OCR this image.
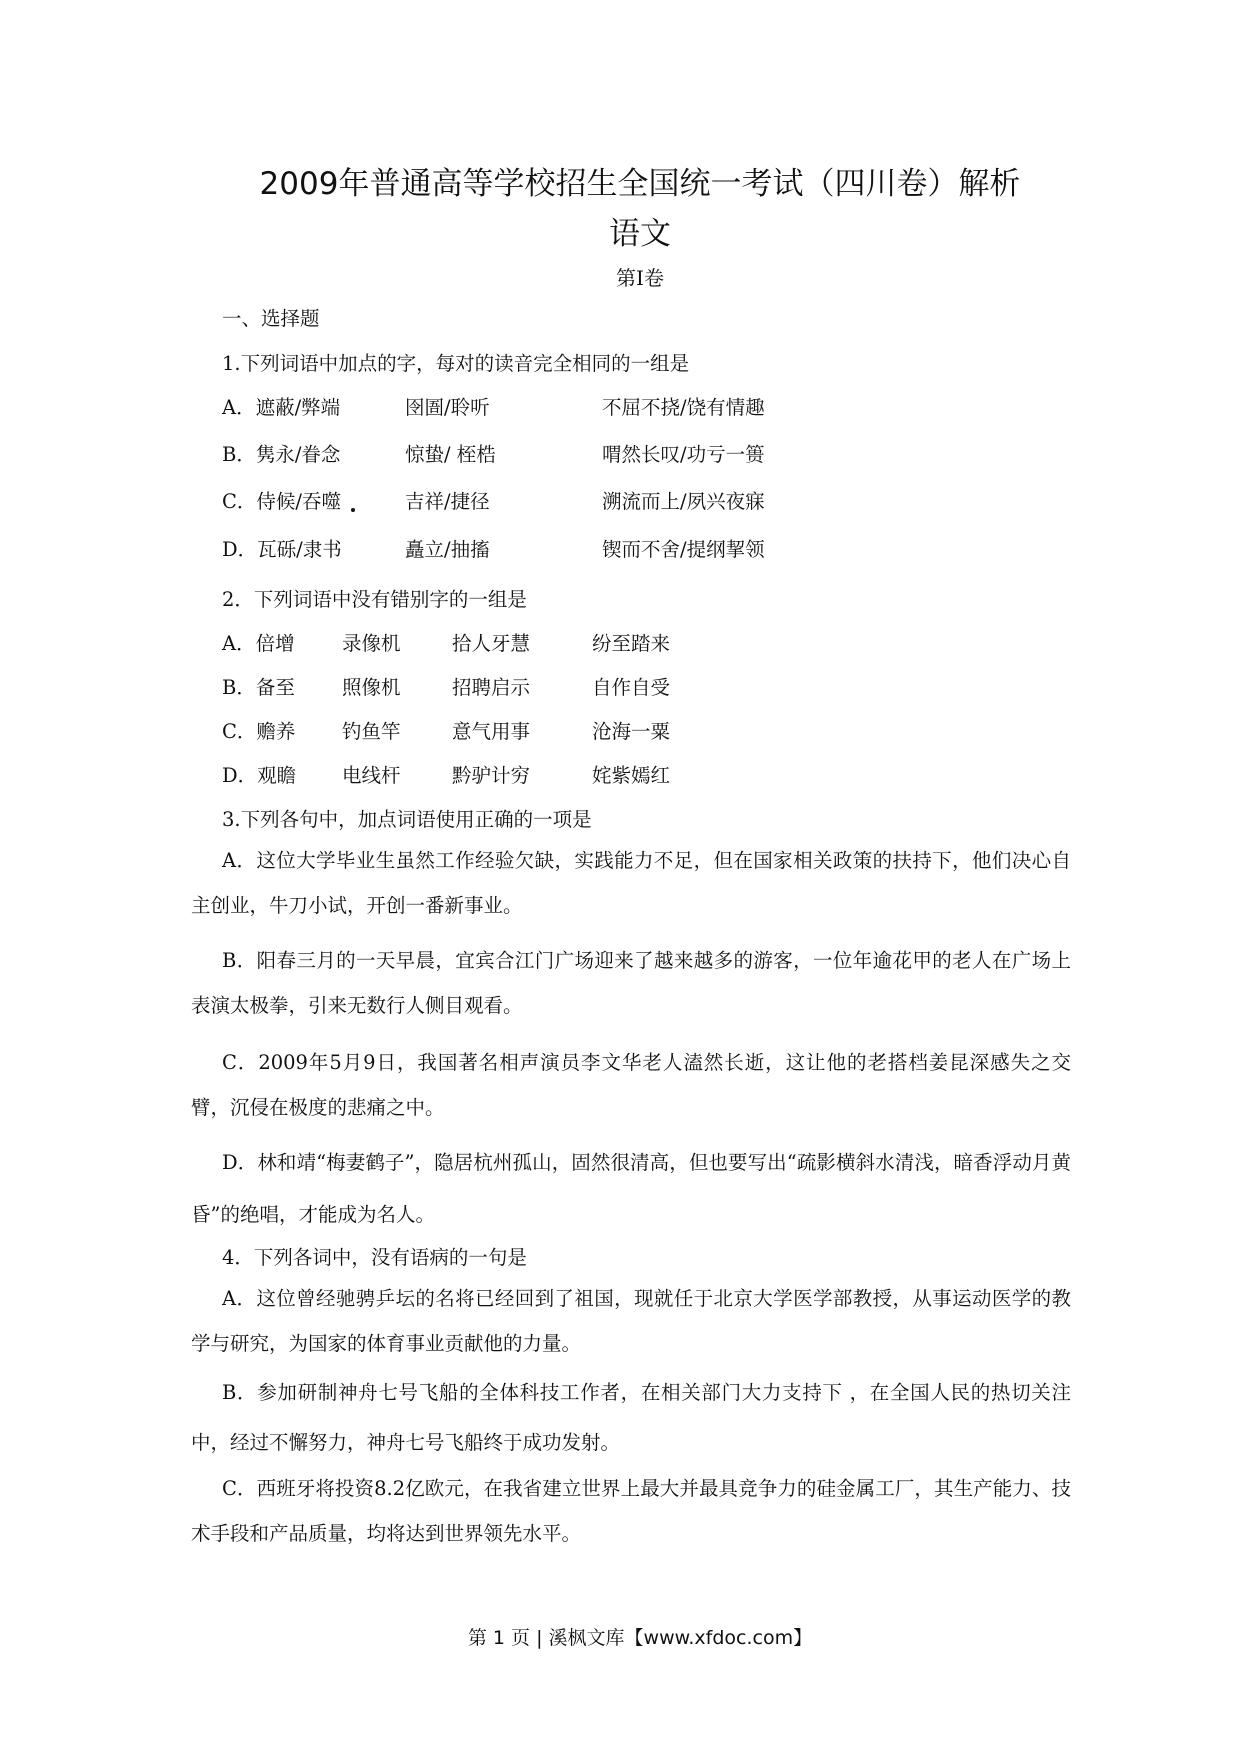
2009年普通高等学校招生全国统一考试（四川卷）解析
语文
第Ⅰ卷
一、选择题
1.下列词语中加点的字，每对的读音完全相同的一组是
A．遮蔽/弊端	囹圄/聆听	不屈不挠/饶有情趣
B．隽永/眷念	惊蛰/ 桎梏	喟然长叹/功亏一篑
C．侍候/吞噬	吉祥/捷径	溯流而上/夙兴夜寐
D．瓦砾/隶书	矗立/抽搐	锲而不舍/提纲挈领
2．下列词语中没有错别字的一组是
A．倍增 录像机	拾人牙慧	纷至踏来
B．备至 照像机	招聘启示	自作自受
C．赡养 钓鱼竿	意气用事	沧海一粟
D．观瞻 电线杆	黔驴计穷	姹紫嫣红
3.下列各句中，加点词语使用正确的一项是
A．这位大学毕业生虽然工作经验欠缺，实践能力不足，但在国家相关政策的扶持下，他们决心自主创业，牛刀小试，开创一番新事业。
B．阳春三月的一天早晨，宜宾合江门广场迎来了越来越多的游客，一位年逾花甲的老人在广场上表演太极拳，引来无数行人侧目观看。
C．2009年5月9日，我国著名相声演员李文华老人溘然长逝，这让他的老搭档姜昆深感失之交臂，沉侵在极度的悲痛之中。
D．林和靖“梅妻鹤子”，隐居杭州孤山，固然很清高，但也要写出“疏影横斜水清浅，暗香浮动月黄昏”的绝唱，才能成为名人。
4．下列各词中，没有语病的一句是
A．这位曾经驰骋乒坛的名将已经回到了祖国，现就任于北京大学医学部教授，从事运动医学的教学与研究，为国家的体育事业贡献他的力量。
B．参加研制神舟七号飞船的全体科技工作者，在相关部门大力支持下 ，在全国人民的热切关注中，经过不懈努力，神舟七号飞船终于成功发射。
C．西班牙将投资8.2亿欧元，在我省建立世界上最大并最具竞争力的硅金属工厂，其生产能力、技术手段和产品质量，均将达到世界领先水平。
第 1 页 | 溪枫文库【www.xfdoc.com】
